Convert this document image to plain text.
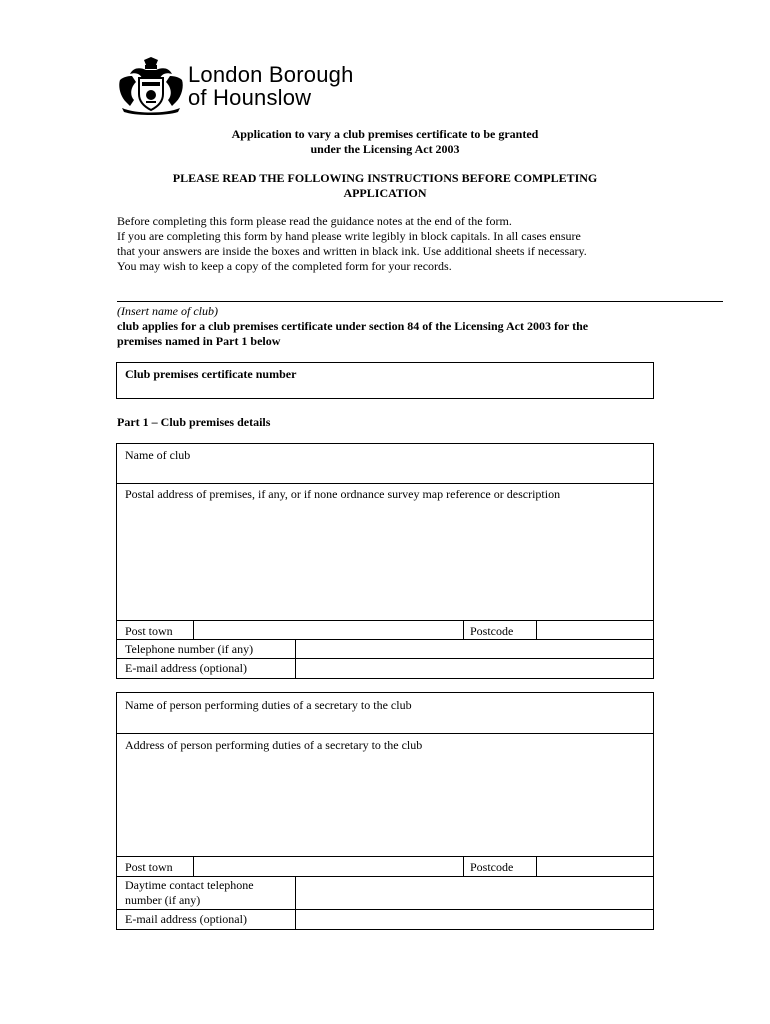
London Borough
of Hounslow
Application to vary a club premises certificate to be granted
under the Licensing Act 2003
PLEASE READ THE FOLLOWING INSTRUCTIONS BEFORE COMPLETING
APPLICATION
Before completing this form please read the guidance notes at the end of the form.
If you are completing this form by hand please write legibly in block capitals. In all cases ensure
that your answers are inside the boxes and written in black ink. Use additional sheets if necessary.
You may wish to keep a copy of the completed form for your records.
(Insert name of club)
club applies for a club premises certificate under section 84 of the Licensing Act 2003 for the
premises named in Part 1 below
Club premises certificate number
Part 1 – Club premises details
Name of club
Postal address of premises, if any, or if none ordnance survey map reference or description
Post town	Postcode
Telephone number (if any)
E-mail address (optional)
Name of person performing duties of a secretary to the club
Address of person performing duties of a secretary to the club
Post town	Postcode
Daytime contact telephone
number (if any)
E-mail address (optional)
